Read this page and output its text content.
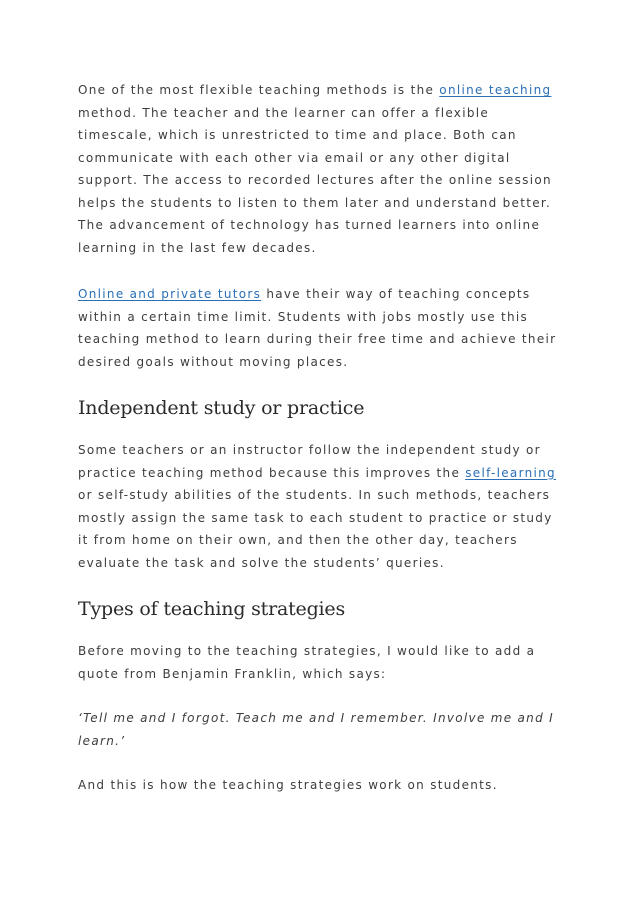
One of the most flexible teaching methods is the online teaching method. The teacher and the learner can offer a flexible timescale, which is unrestricted to time and place. Both can communicate with each other via email or any other digital support. The access to recorded lectures after the online session helps the students to listen to them later and understand better. The advancement of technology has turned learners into online learning in the last few decades.

Online and private tutors have their way of teaching concepts within a certain time limit. Students with jobs mostly use this teaching method to learn during their free time and achieve their desired goals without moving places.

Independent study or practice

Some teachers or an instructor follow the independent study or practice teaching method because this improves the self-learning or self-study abilities of the students. In such methods, teachers mostly assign the same task to each student to practice or study it from home on their own, and then the other day, teachers evaluate the task and solve the students’ queries.

Types of teaching strategies

Before moving to the teaching strategies, I would like to add a quote from Benjamin Franklin, which says:

‘Tell me and I forgot. Teach me and I remember. Involve me and I learn.’

And this is how the teaching strategies work on students.
